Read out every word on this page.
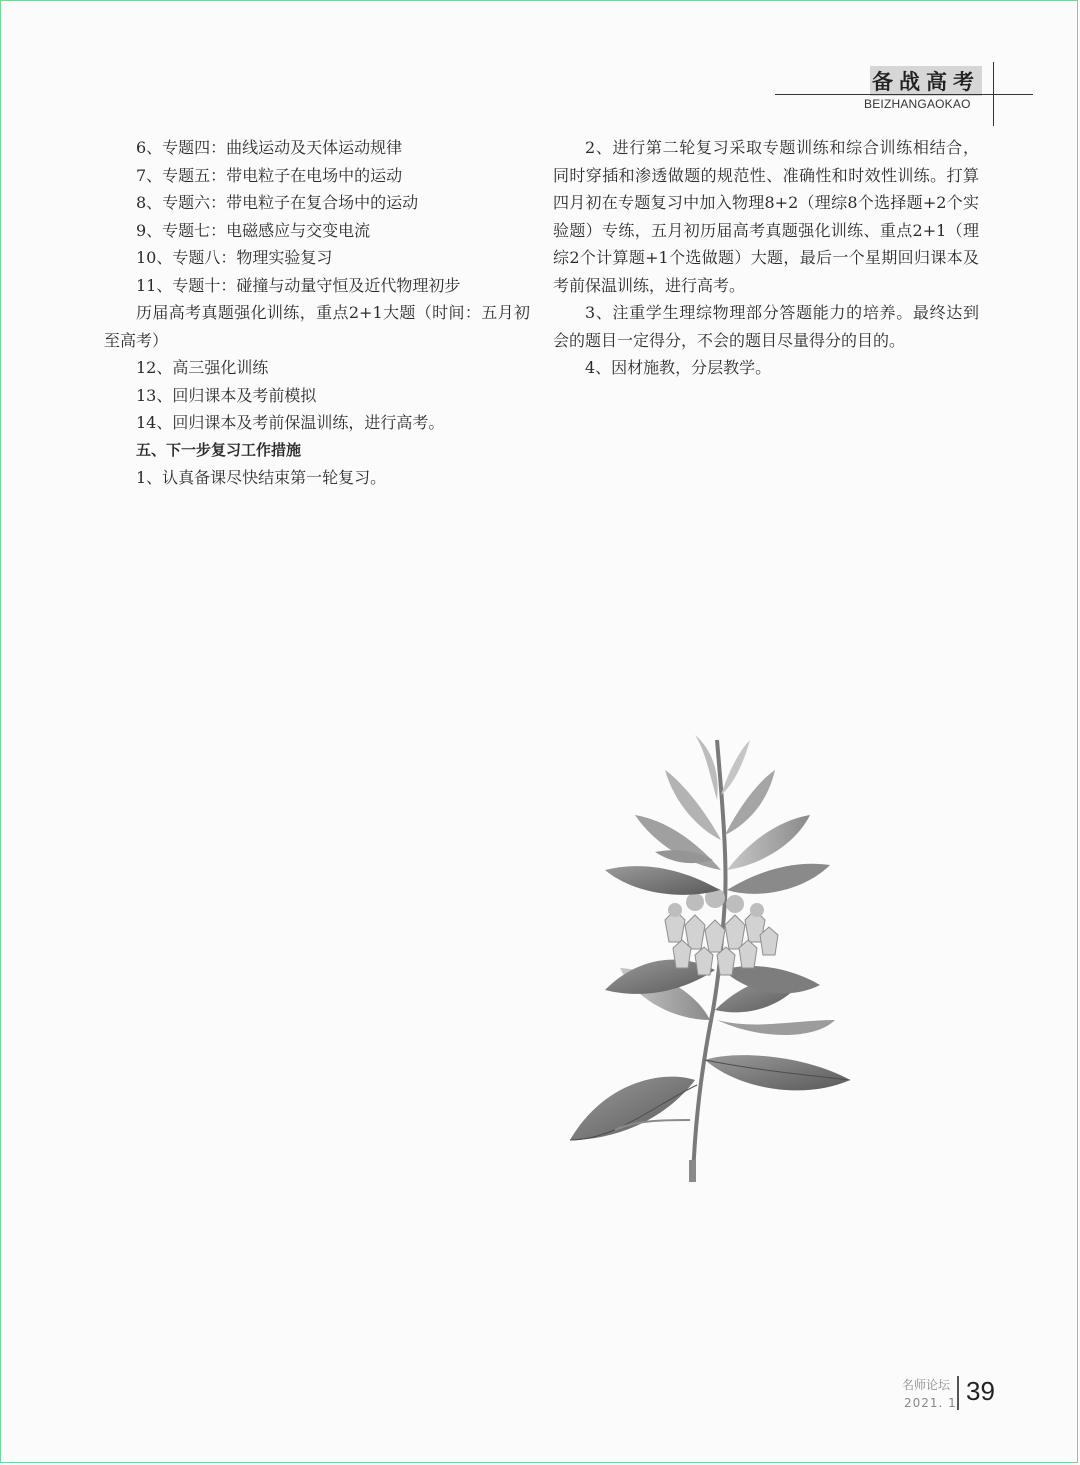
备战高考
BEIZHANGAOKAO

6、专题四：曲线运动及天体运动规律

7、专题五：带电粒子在电场中的运动

8、专题六：带电粒子在复合场中的运动

9、专题七：电磁感应与交变电流

10、专题八：物理实验复习

11、专题十：碰撞与动量守恒及近代物理初步

历届高考真题强化训练，重点2+1大题（时间：五月初至高考）

12、高三强化训练

13、回归课本及考前模拟

14、回归课本及考前保温训练，进行高考。

五、下一步复习工作措施

1、认真备课尽快结束第一轮复习。

2、进行第二轮复习采取专题训练和综合训练相结合，同时穿插和渗透做题的规范性、准确性和时效性训练。打算四月初在专题复习中加入物理8+2（理综8个选择题+2个实验题）专练，五月初历届高考真题强化训练、重点2+1（理综2个计算题+1个选做题）大题，最后一个星期回归课本及考前保温训练，进行高考。

3、注重学生理综物理部分答题能力的培养。最终达到会的题目一定得分，不会的题目尽量得分的目的。

4、因材施教，分层教学。

名师论坛
2021. 1 39
